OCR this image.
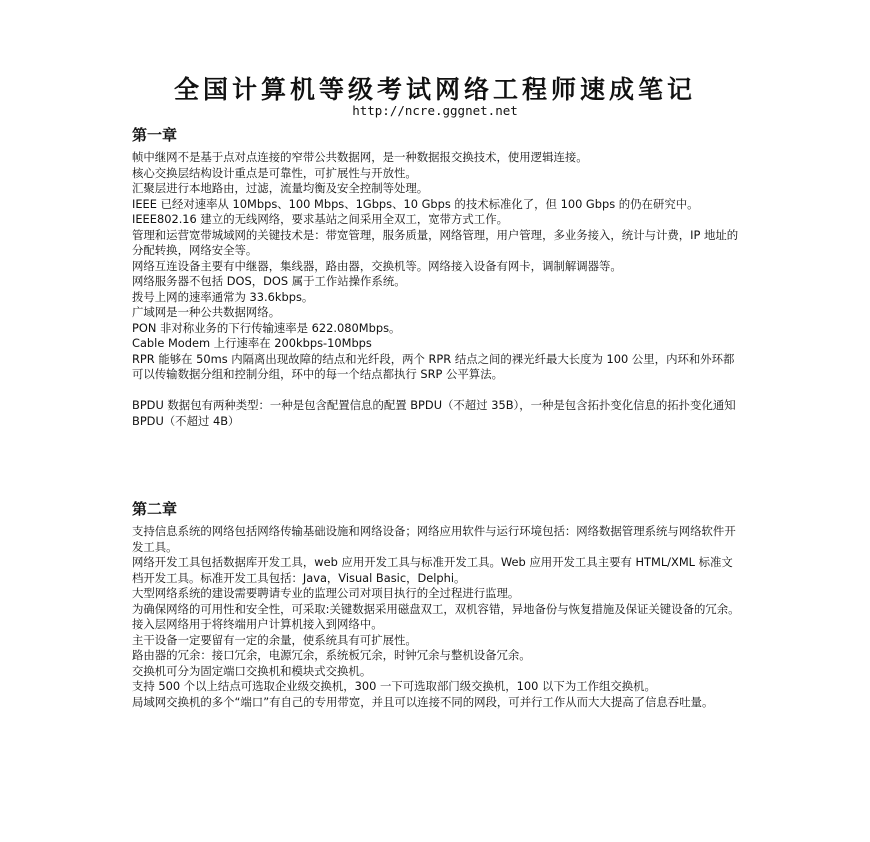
全国计算机等级考试网络工程师速成笔记
http://ncre.gggnet.net
第一章

帧中继网不是基于点对点连接的窄带公共数据网，是一种数据报交换技术，使用逻辑连接。

核心交换层结构设计重点是可靠性，可扩展性与开放性。

汇聚层进行本地路由，过滤，流量均衡及安全控制等处理。

IEEE 已经对速率从 10Mbps、100 Mbps、1Gbps、10 Gbps 的技术标准化了，但 100 Gbps 的仍在研究中。

IEEE802.16 建立的无线网络，要求基站之间采用全双工，宽带方式工作。

管理和运营宽带城域网的关键技术是：带宽管理，服务质量，网络管理，用户管理，多业务接入，统计与计费，IP 地址的分配转换，网络安全等。

网络互连设备主要有中继器，集线器，路由器，交换机等。网络接入设备有网卡，调制解调器等。

网络服务器不包括 DOS，DOS 属于工作站操作系统。

拨号上网的速率通常为 33.6kbps。

广域网是一种公共数据网络。

PON 非对称业务的下行传输速率是 622.080Mbps。

Cable Modem 上行速率在 200kbps-10Mbps

RPR 能够在 50ms 内隔离出现故障的结点和光纤段，两个 RPR 结点之间的裸光纤最大长度为 100 公里，内环和外环都可以传输数据分组和控制分组，环中的每一个结点都执行 SRP 公平算法。

BPDU 数据包有两种类型：一种是包含配置信息的配置 BPDU（不超过 35B），一种是包含拓扑变化信息的拓扑变化通知 BPDU（不超过 4B）

第二章

支持信息系统的网络包括网络传输基础设施和网络设备；网络应用软件与运行环境包括：网络数据管理系统与网络软件开发工具。

网络开发工具包括数据库开发工具，web 应用开发工具与标准开发工具。Web 应用开发工具主要有 HTML/XML 标准文档开发工具。标准开发工具包括：Java，Visual Basic，Delphi。

大型网络系统的建设需要聘请专业的监理公司对项目执行的全过程进行监理。

为确保网络的可用性和安全性，可采取:关键数据采用磁盘双工，双机容错，异地备份与恢复措施及保证关键设备的冗余。

接入层网络用于将终端用户计算机接入到网络中。

主干设备一定要留有一定的余量，使系统具有可扩展性。

路由器的冗余：接口冗余，电源冗余，系统板冗余，时钟冗余与整机设备冗余。

交换机可分为固定端口交换机和模块式交换机。

支持 500 个以上结点可选取企业级交换机，300 一下可选取部门级交换机，100 以下为工作组交换机。

局域网交换机的多个“端口”有自己的专用带宽，并且可以连接不同的网段，可并行工作从而大大提高了信息吞吐量。
